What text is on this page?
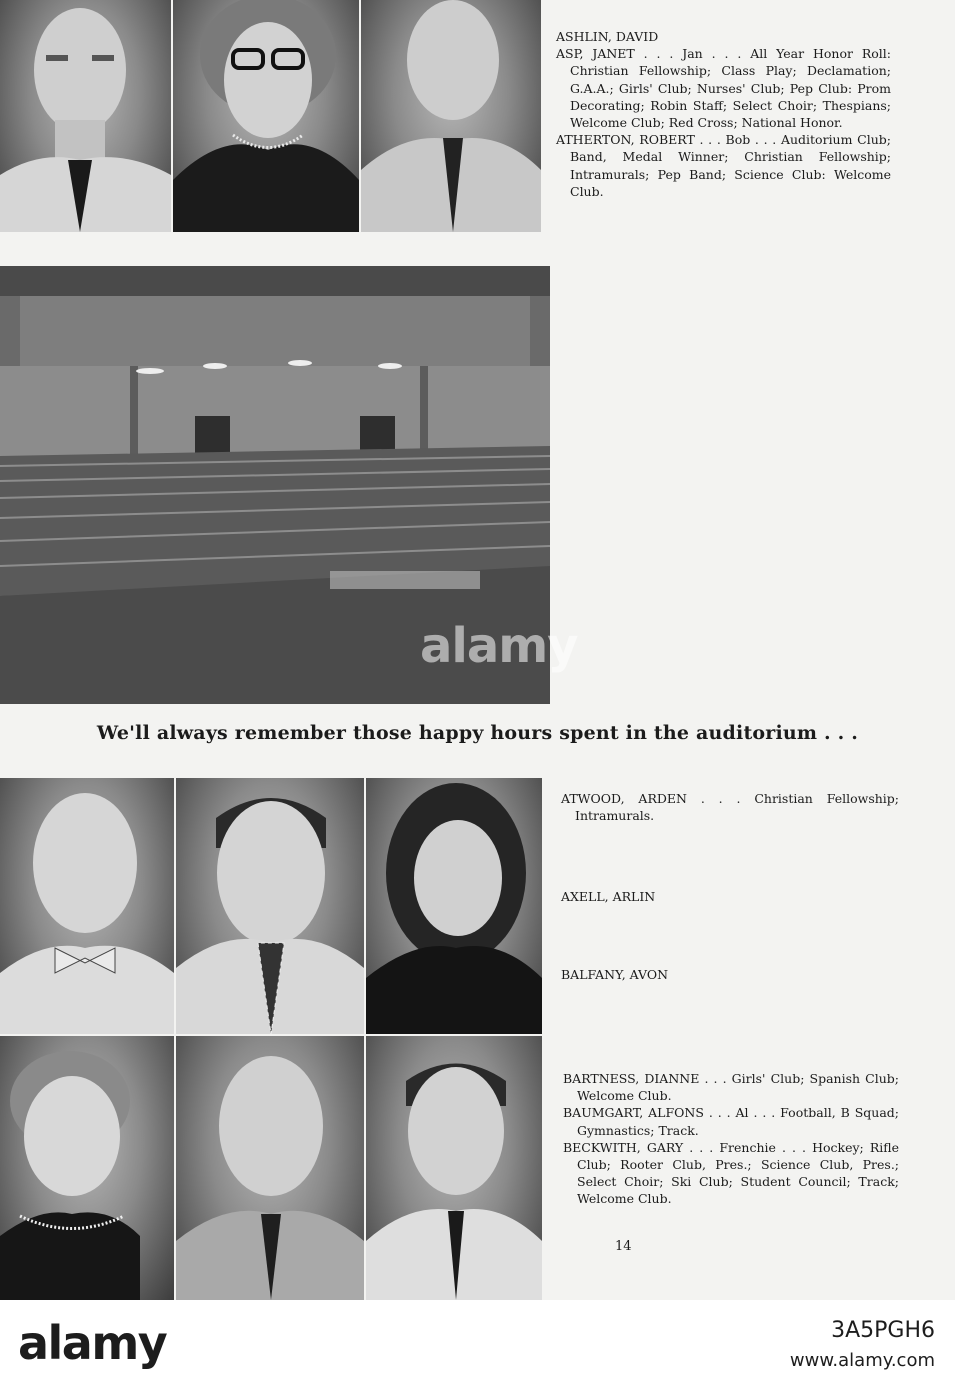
ASHLIN, DAVID

ASP, JANET . . . Jan . . . All Year Honor Roll: Christian Fellowship; Class Play; Declamation; G.A.A.; Girls' Club; Nurses' Club; Pep Club: Prom Decorating; Robin Staff; Select Choir; Thespians; Welcome Club; Red Cross; National Honor.

ATHERTON, ROBERT . . . Bob . . . Auditorium Club; Band, Medal Winner; Christian Fellowship; Intramurals; Pep Band; Science Club: Welcome Club.

alamy
We'll always remember those happy hours spent in the auditorium . . .

ATWOOD, ARDEN . . . Christian Fellowship; Intramurals.

AXELL, ARLIN

BALFANY, AVON

BARTNESS, DIANNE . . . Girls' Club; Spanish Club; Welcome Club.

BAUMGART, ALFONS . . . Al . . . Football, B Squad; Gymnastics; Track.

BECKWITH, GARY . . . Frenchie . . . Hockey; Rifle Club; Rooter Club, Pres.; Science Club, Pres.; Select Choir; Ski Club; Student Council; Track; Welcome Club.

14
alamy	3A5PGH6
www.alamy.com
